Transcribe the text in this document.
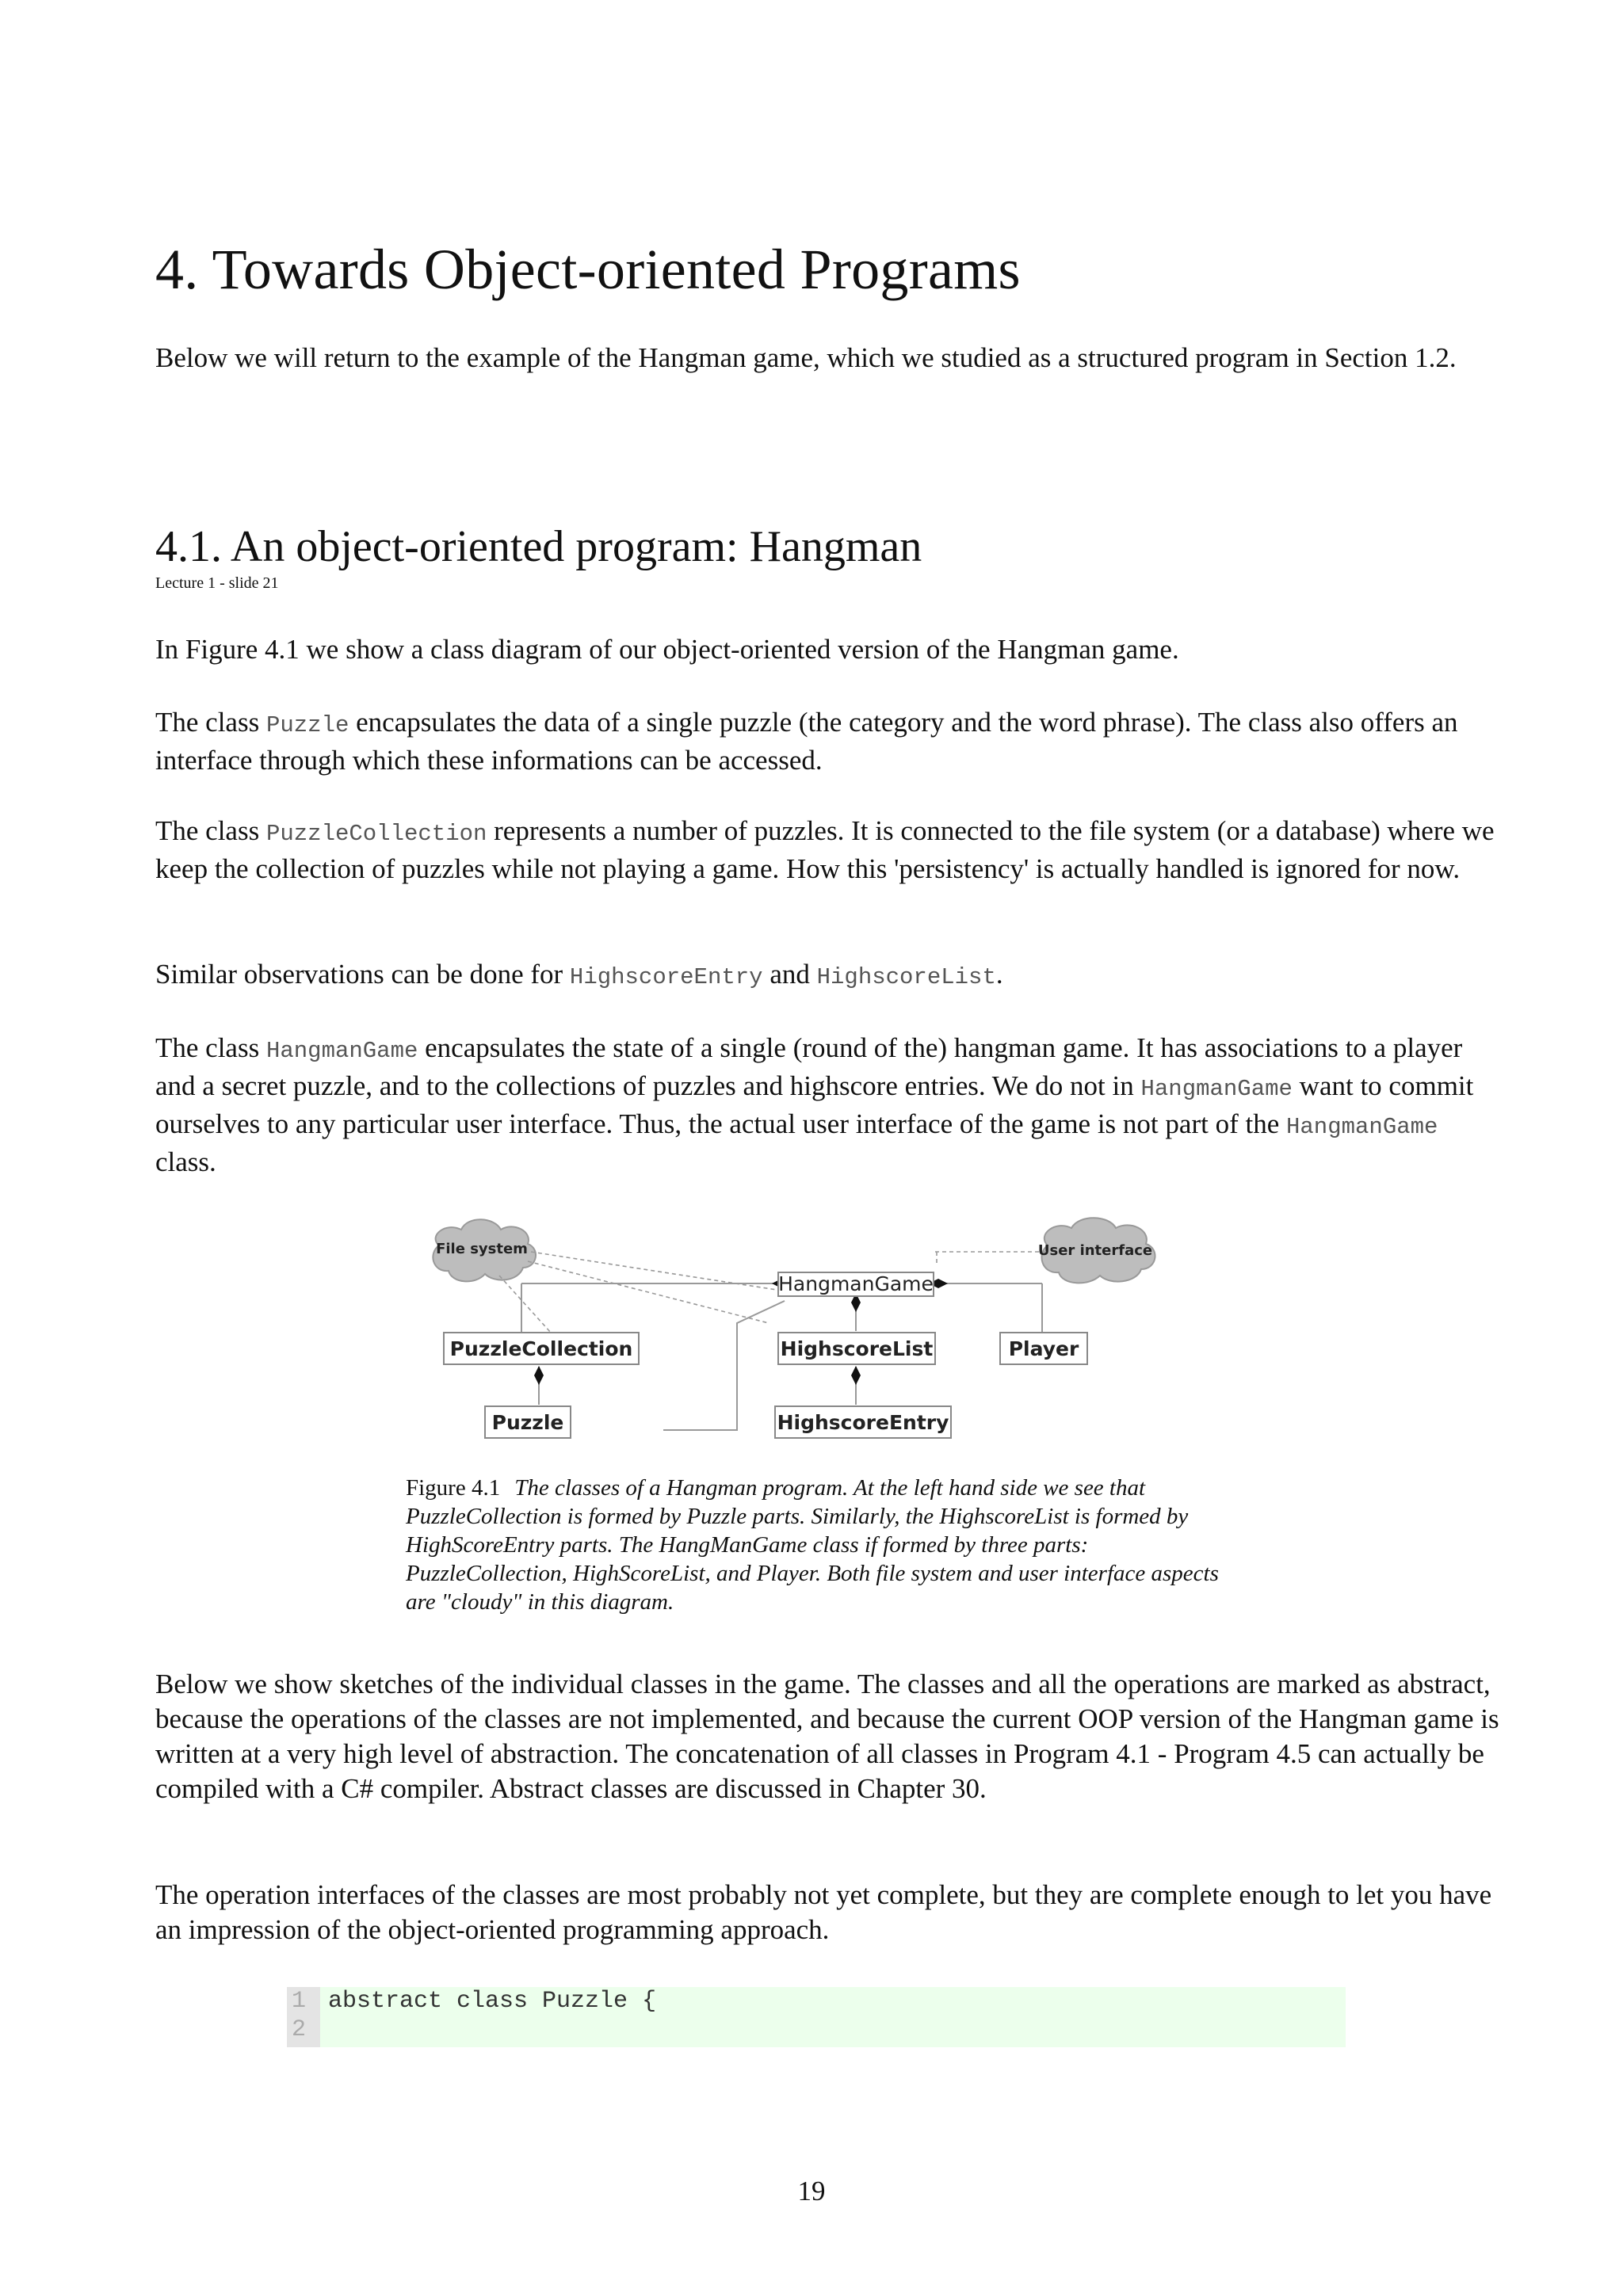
4. Towards Object-oriented Programs

Below we will return to the example of the Hangman game, which we studied as a structured program in Section 1.2.

4.1. An object-oriented program: Hangman
Lecture 1 - slide 21

In Figure 4.1 we show a class diagram of our object-oriented version of the Hangman game.

The class Puzzle encapsulates the data of a single puzzle (the category and the word phrase). The class also offers an interface through which these informations can be accessed.

The class PuzzleCollection represents a number of puzzles. It is connected to the file system (or a database) where we keep the collection of puzzles while not playing a game. How this 'persistency' is actually handled is ignored for now.

Similar observations can be done for HighscoreEntry and HighscoreList.

The class HangmanGame encapsulates the state of a single (round of the) hangman game. It has associations to a player and a secret puzzle, and to the collections of puzzles and highscore entries. We do not in HangmanGame want to commit ourselves to any particular user interface. Thus, the actual user interface of the game is not part of the HangmanGame class.

File system	User interface
HangmanGame
PuzzleCollection	HighscoreList	Player
Puzzle	HighscoreEntry
Figure 4.1 The classes of a Hangman program. At the left hand side we see that PuzzleCollection is formed by Puzzle parts. Similarly, the HighscoreList is formed by HighScoreEntry parts. The HangManGame class if formed by three parts: PuzzleCollection, HighScoreList, and Player. Both file system and user interface aspects are "cloudy" in this diagram.

Below we show sketches of the individual classes in the game. The classes and all the operations are marked as abstract, because the operations of the classes are not implemented, and because the current OOP version of the Hangman game is written at a very high level of abstraction. The concatenation of all classes in Program 4.1 - Program 4.5 can actually be compiled with a C# compiler. Abstract classes are discussed in Chapter 30.

The operation interfaces of the classes are most probably not yet complete, but they are complete enough to let you have an impression of the object-oriented programming approach.

1
2
abstract class Puzzle {
19
